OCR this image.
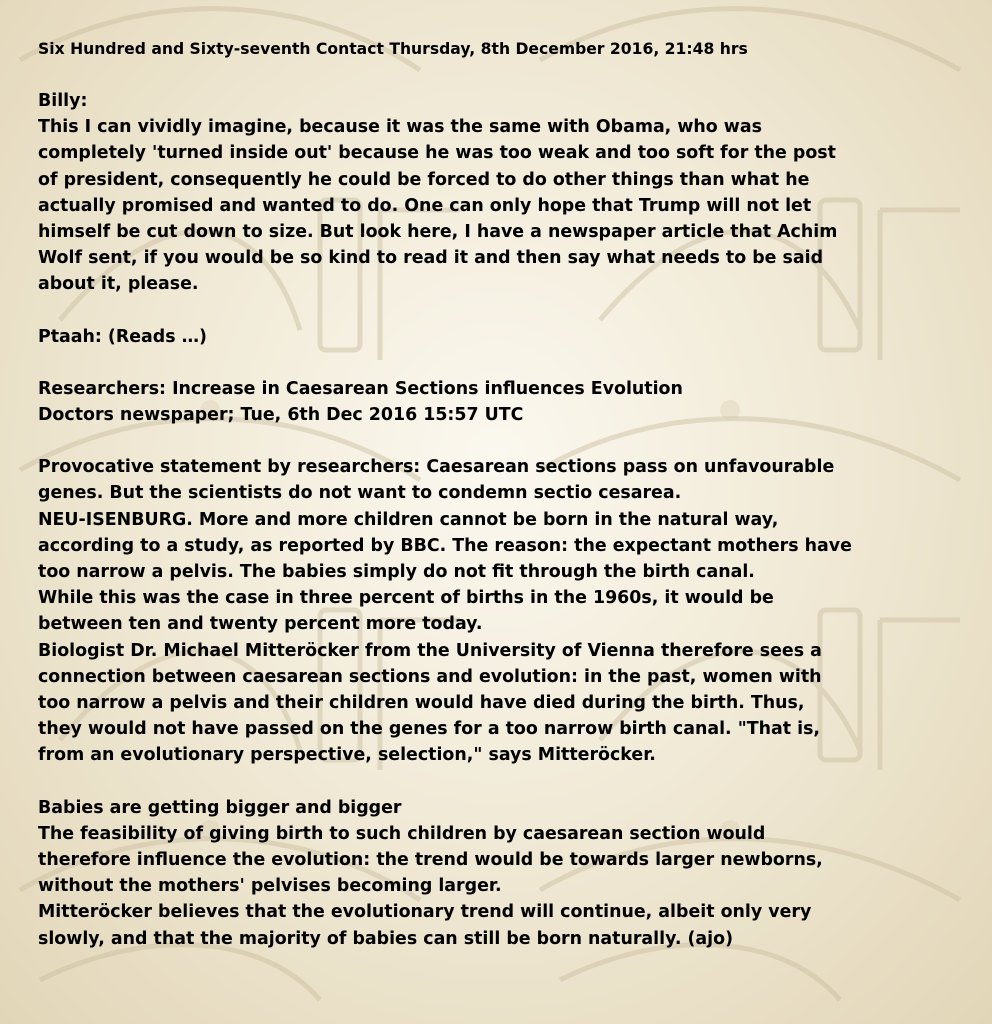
Six Hundred and Sixty-seventh Contact Thursday, 8th December 2016, 21:48 hrs
Billy:
This I can vividly imagine, because it was the same with Obama, who was
completely 'turned inside out' because he was too weak and too soft for the post
of president, consequently he could be forced to do other things than what he
actually promised and wanted to do. One can only hope that Trump will not let
himself be cut down to size. But look here, I have a newspaper article that Achim
Wolf sent, if you would be so kind to read it and then say what needs to be said
about it, please.
Ptaah: (Reads …)
Researchers: Increase in Caesarean Sections influences Evolution
Doctors newspaper; Tue, 6th Dec 2016 15:57 UTC
Provocative statement by researchers: Caesarean sections pass on unfavourable
genes. But the scientists do not want to condemn sectio cesarea.
NEU-ISENBURG. More and more children cannot be born in the natural way,
according to a study, as reported by BBC. The reason: the expectant mothers have
too narrow a pelvis. The babies simply do not fit through the birth canal.
While this was the case in three percent of births in the 1960s, it would be
between ten and twenty percent more today.
Biologist Dr. Michael Mitteröcker from the University of Vienna therefore sees a
connection between caesarean sections and evolution: in the past, women with
too narrow a pelvis and their children would have died during the birth. Thus,
they would not have passed on the genes for a too narrow birth canal. "That is,
from an evolutionary perspective, selection," says Mitteröcker.
Babies are getting bigger and bigger
The feasibility of giving birth to such children by caesarean section would
therefore influence the evolution: the trend would be towards larger newborns,
without the mothers' pelvises becoming larger.
Mitteröcker believes that the evolutionary trend will continue, albeit only very
slowly, and that the majority of babies can still be born naturally. (ajo)
